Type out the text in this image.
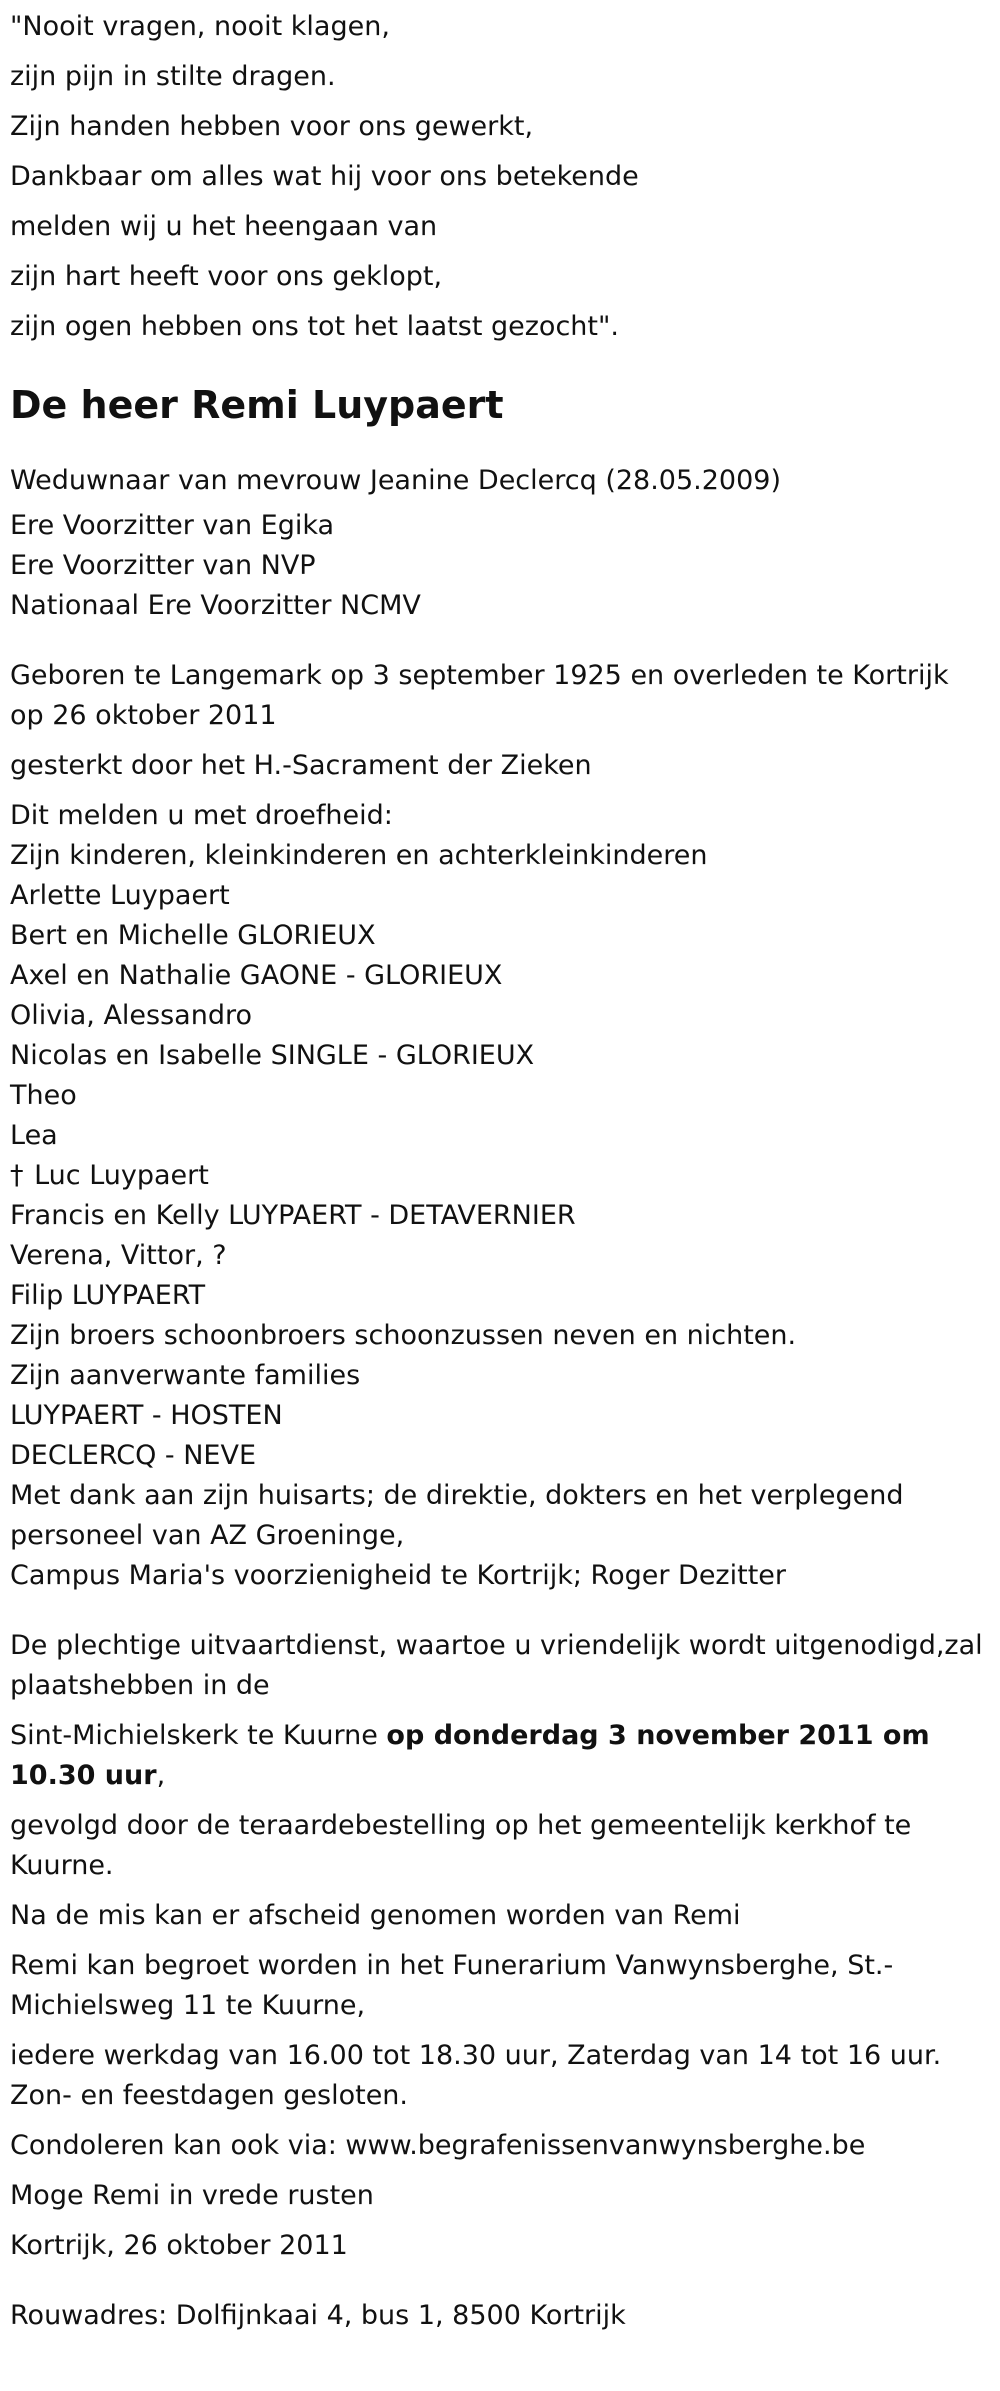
"Nooit vragen, nooit klagen,
zijn pijn in stilte dragen.
Zijn handen hebben voor ons gewerkt,
Dankbaar om alles wat hij voor ons betekende
melden wij u het heengaan van
zijn hart heeft voor ons geklopt,
zijn ogen hebben ons tot het laatst gezocht".
De heer Remi Luypaert
Weduwnaar van mevrouw Jeanine Declercq (28.05.2009)
Ere Voorzitter van Egika
Ere Voorzitter van NVP
Nationaal Ere Voorzitter NCMV
Geboren te Langemark op 3 september 1925 en overleden te Kortrijk op 26 oktober 2011
gesterkt door het H.-Sacrament der Zieken
Dit melden u met droefheid:
Zijn kinderen, kleinkinderen en achterkleinkinderen
Arlette Luypaert
Bert en Michelle GLORIEUX
Axel en Nathalie GAONE - GLORIEUX
Olivia, Alessandro
Nicolas en Isabelle SINGLE - GLORIEUX
Theo
Lea
† Luc Luypaert
Francis en Kelly LUYPAERT - DETAVERNIER
Verena, Vittor, ?
Filip LUYPAERT
Zijn broers schoonbroers schoonzussen neven en nichten.
Zijn aanverwante families
LUYPAERT - HOSTEN
DECLERCQ - NEVE
Met dank aan zijn huisarts; de direktie, dokters en het verplegend personeel van AZ Groeninge,
Campus Maria's voorzienigheid te Kortrijk; Roger Dezitter
De plechtige uitvaartdienst, waartoe u vriendelijk wordt uitgenodigd,zal plaatshebben in de
Sint-Michielskerk te Kuurne op donderdag 3 november 2011 om 10.30 uur,
gevolgd door de teraardebestelling op het gemeentelijk kerkhof te Kuurne.
Na de mis kan er afscheid genomen worden van Remi
Remi kan begroet worden in het Funerarium Vanwynsberghe, St.-Michielsweg 11 te Kuurne,
iedere werkdag van 16.00 tot 18.30 uur, Zaterdag van 14 tot 16 uur. Zon- en feestdagen gesloten.
Condoleren kan ook via: www.begrafenissenvanwynsberghe.be
Moge Remi in vrede rusten
Kortrijk, 26 oktober 2011
Rouwadres: Dolfijnkaai 4, bus 1, 8500 Kortrijk
